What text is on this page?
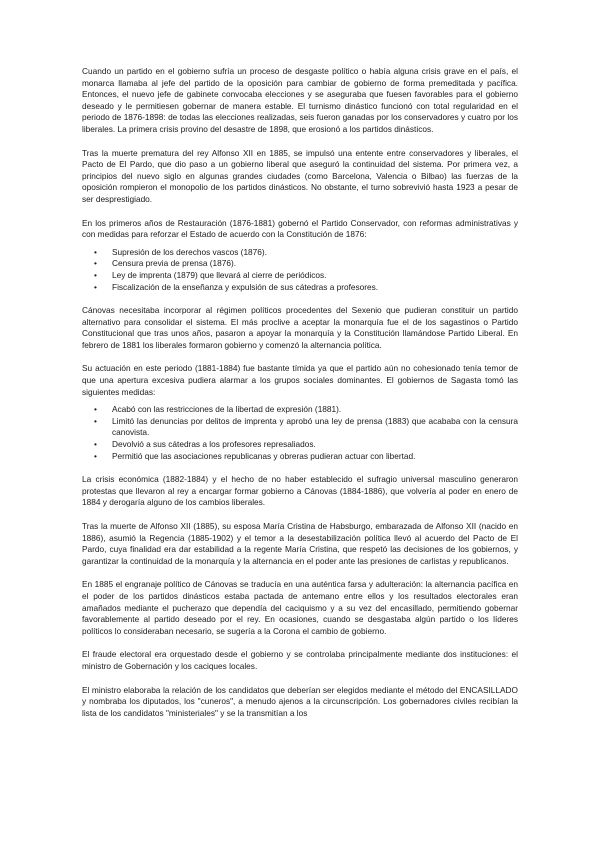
Cuando un partido en el gobierno sufría un proceso de desgaste político o había alguna crisis grave en el país, el monarca llamaba al jefe del partido de la oposición para cambiar de gobierno de forma premeditada y pacífica. Entonces, el nuevo jefe de gabinete convocaba elecciones y se aseguraba que fuesen favorables para el gobierno deseado y le permitiesen gobernar de manera estable. El turnismo dinástico funcionó con total regularidad en el periodo de 1876-1898: de todas las elecciones realizadas, seis fueron ganadas por los conservadores y cuatro por los liberales. La primera crisis provino del desastre de 1898, que erosionó a los partidos dinásticos.

Tras la muerte prematura del rey Alfonso XII en 1885, se impulsó una entente entre conservadores y liberales, el Pacto de El Pardo, que dio paso a un gobierno liberal que aseguró la continuidad del sistema. Por primera vez, a principios del nuevo siglo en algunas grandes ciudades (como Barcelona, Valencia o Bilbao) las fuerzas de la oposición rompieron el monopolio de los partidos dinásticos. No obstante, el turno sobrevivió hasta 1923 a pesar de ser desprestigiado.

En los primeros años de Restauración (1876-1881) gobernó el Partido Conservador, con reformas administrativas y con medidas para reforzar el Estado de acuerdo con la Constitución de 1876:

• Supresión de los derechos vascos (1876).
• Censura previa de prensa (1876).
• Ley de imprenta (1879) que llevará al cierre de periódicos.
• Fiscalización de la enseñanza y expulsión de sus cátedras a profesores.

Cánovas necesitaba incorporar al régimen políticos procedentes del Sexenio que pudieran constituir un partido alternativo para consolidar el sistema. El más proclive a aceptar la monarquía fue el de los sagastinos o Partido Constitucional que tras unos años, pasaron a apoyar la monarquía y la Constitución llamándose Partido Liberal. En febrero de 1881 los liberales formaron gobierno y comenzó la alternancia política.

Su actuación en este periodo (1881-1884) fue bastante tímida ya que el partido aún no cohesionado tenía temor de que una apertura excesiva pudiera alarmar a los grupos sociales dominantes. El gobiernos de Sagasta tomó las siguientes medidas:

• Acabó con las restricciones de la libertad de expresión (1881).
• Limitó las denuncias por delitos de imprenta y aprobó una ley de prensa (1883) que acababa con la censura canovista.
• Devolvió a sus cátedras a los profesores represaliados.
• Permitió que las asociaciones republicanas y obreras pudieran actuar con libertad.

La crisis económica (1882-1884) y el hecho de no haber establecido el sufragio universal masculino generaron protestas que llevaron al rey a encargar formar gobierno a Cánovas (1884-1886), que volvería al poder en enero de 1884 y derogaría alguno de los cambios liberales.

Tras la muerte de Alfonso XII (1885), su esposa María Cristina de Habsburgo, embarazada de Alfonso XII (nacido en 1886), asumió la Regencia (1885-1902) y el temor a la desestabilización política llevó al acuerdo del Pacto de El Pardo, cuya finalidad era dar estabilidad a la regente María Cristina, que respetó las decisiones de los gobiernos, y garantizar la continuidad de la monarquía y la alternancia en el poder ante las presiones de carlistas y republicanos.

En 1885 el engranaje político de Cánovas se traducía en una auténtica farsa y adulteración: la alternancia pacífica en el poder de los partidos dinásticos estaba pactada de antemano entre ellos y los resultados electorales eran amañados mediante el pucherazo que dependía del caciquismo y a su vez del encasillado, permitiendo gobernar favorablemente al partido deseado por el rey. En ocasiones, cuando se desgastaba algún partido o los líderes políticos lo consideraban necesario, se sugería a la Corona el cambio de gobierno.

El fraude electoral era orquestado desde el gobierno y se controlaba principalmente mediante dos instituciones: el ministro de Gobernación y los caciques locales.

El ministro elaboraba la relación de los candidatos que deberían ser elegidos mediante el método del ENCASILLADO y nombraba los diputados, los "cuneros", a menudo ajenos a la circunscripción. Los gobernadores civiles recibían la lista de los candidatos "ministeriales" y se la transmitían a los
